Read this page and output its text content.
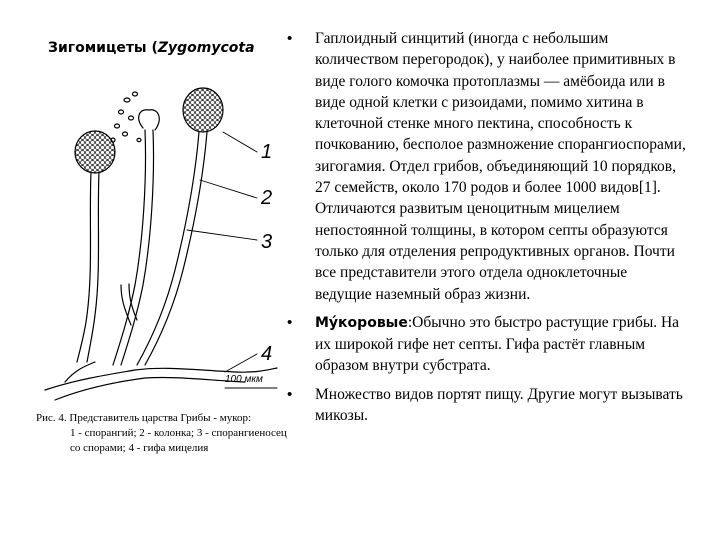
Зигомицеты (Zygomycota
1
2
3
4
100 мкм
Рис. 4. Представитель царства Грибы - мукор:
1 - спорангий; 2 - колонка; 3 - спорангиеносец
со спорами; 4 - гифа мицелия
• Гаплоидный синцитий (иногда с небольшим количеством перегородок), у наиболее примитивных в виде голого комочка протоплазмы — амёбоида или в виде одной клетки с ризоидами, помимо хитина в клеточной стенке много пектина, способность к почкованию, бесполое размножение спорангиоспорами, зигогамия. Отдел грибов, объединяющий 10 порядков, 27 семейств, около 170 родов и более 1000 видов[1]. Отличаются развитым ценоцитным мицелием непостоянной толщины, в котором септы образуются только для отделения репродуктивных органов. Почти все представители этого отдела одноклеточные ведущие наземный образ жизни.
• Му́коровые:Обычно это быстро растущие грибы. На их широкой гифе нет септы. Гифа растёт главным образом внутри субстрата.
• Множество видов портят пищу. Другие могут вызывать микозы.
